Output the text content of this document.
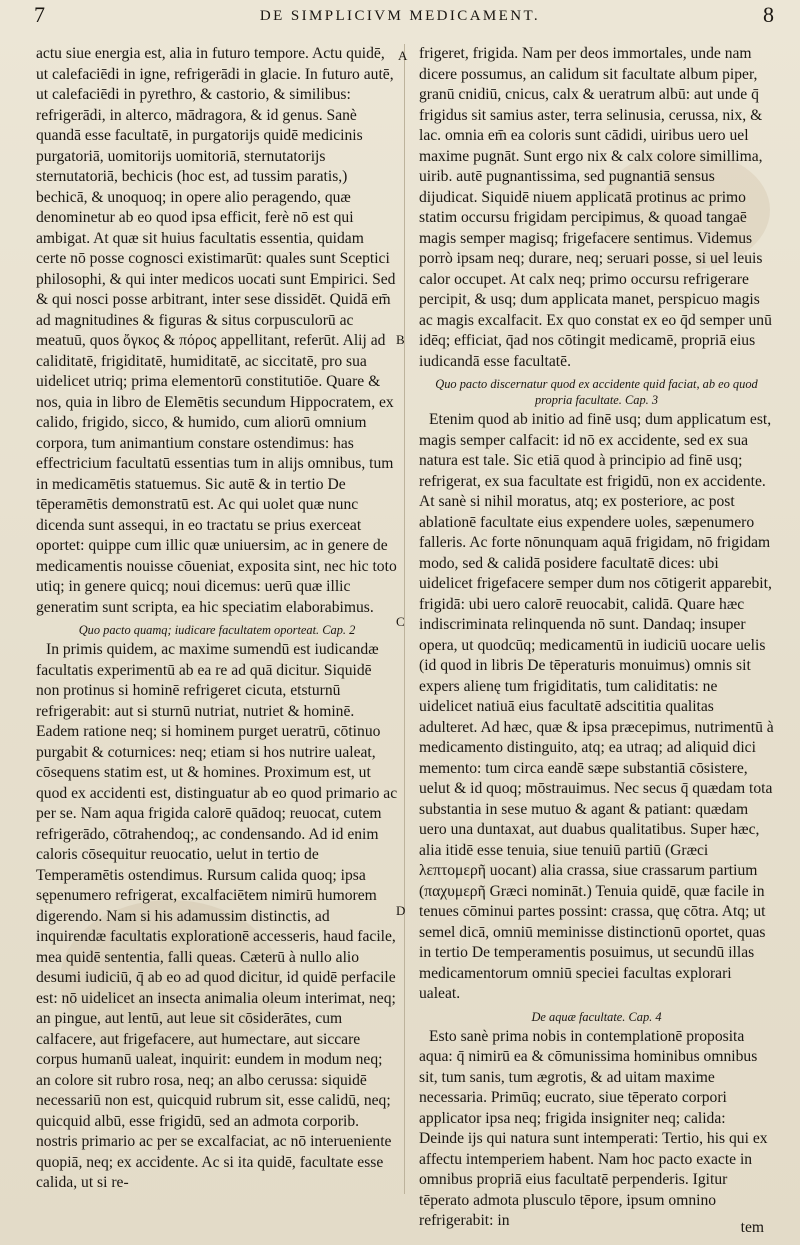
7	DE SIMPLICIVM MEDICAMENT.	8
A
B
C
D

actu siue energia est, alia in futuro tempore. Actu quidē, ut calefaciēdi in igne, refrigerādi in glacie. In futuro autē, ut calefaciēdi in pyrethro, & castorio, & similibus: refrigerādi, in alterco, mādragora, & id genus. Sanè quandā esse facultatē, in purgatorijs quidē medicinis purgatoriā, uomitorijs uomitoriā, sternutatorijs sternutatoriā, bechicis (hoc est, ad tussim paratis,) bechicā, & unoquoq; in opere alio peragendo, quæ denominetur ab eo quod ipsa efficit, ferè nō est qui ambigat. At quæ sit huius facultatis essentia, quidam certe nō posse cognosci existimarūt: quales sunt Sceptici philosophi, & qui inter medicos uocati sunt Empirici. Sed & qui nosci posse arbitrant, inter sese dissidēt. Quidā em̄ ad magnitudines & figuras & situs corpusculorū ac meatuū, quos ὄγκος & πόρος appellitant, referūt. Alij ad caliditatē, frigiditatē, humiditatē, ac siccitatē, pro sua uidelicet utriq; prima elementorū constitutiōe. Quare & nos, quia in libro de Elemētis secundum Hippocratem, ex calido, frigido, sicco, & humido, cum aliorū omnium corpora, tum animantium constare ostendimus: has effectricium facultatū essentias tum in alijs omnibus, tum in medicamētis statuemus. Sic autē & in tertio De tēperamētis demonstratū est. Ac qui uolet quæ nunc dicenda sunt assequi, in eo tractatu se prius exerceat oportet: quippe cum illic quæ uniuersim, ac in genere de medicamentis nouisse cōueniat, exposita sint, nec hic toto utiq; in genere quicq; noui dicemus: uerū quæ illic generatim sunt scripta, ea hic speciatim elaborabimus.

Quo pacto quamq; iudicare facultatem oporteat. Cap. 2

In primis quidem, ac maxime sumendū est iudicandæ facultatis experimentū ab ea re ad quā dicitur. Siquidē non protinus si hominē refrigeret cicuta, etsturnū refrigerabit: aut si sturnū nutriat, nutriet & hominē. Eadem ratione neq; si hominem purget ueratrū, cōtinuo purgabit & coturnices: neq; etiam si hos nutrire ualeat, cōsequens statim est, ut & homines. Proximum est, ut quod ex accidenti est, distinguatur ab eo quod primario ac per se. Nam aqua frigida calorē quādoq; reuocat, cutem refrigerādo, cōtrahendoq;, ac condensando. Ad id enim caloris cōsequitur reuocatio, uelut in tertio de Temperamētis ostendimus. Rursum calida quoq; ipsa sępenumero refrigerat, excalfaciētem nimirū humorem digerendo. Nam si his adamussim distinctis, ad inquirendæ facultatis explorationē accesseris, haud facile, mea quidē sententia, falli queas. Cæterū à nullo alio desumi iudiciū, q̄ ab eo ad quod dicitur, id quidē perfacile est: nō uidelicet an insecta animalia oleum interimat, neq; an pingue, aut lentū, aut leue sit cōsiderātes, cum calfacere, aut frigefacere, aut humectare, aut siccare corpus humanū ualeat, inquirit: eundem in modum neq; an colore sit rubro rosa, neq; an albo cerussa: siquidē necessariū non est, quicquid rubrum sit, esse calidū, neq; quicquid albū, esse frigidū, sed an admota corporib. nostris primario ac per se excalfaciat, ac nō interueniente quopiā, neq; ex accidente. Ac si ita quidē, facultate esse calida, ut si re-

frigeret, frigida. Nam per deos immortales, unde nam dicere possumus, an calidum sit facultate album piper, granū cnidiū, cnicus, calx & ueratrum albū: aut unde q̄ frigidus sit samius aster, terra selinusia, cerussa, nix, & lac. omnia em̄ ea coloris sunt cādidi, uiribus uero uel maxime pugnāt. Sunt ergo nix & calx colore simillima, uirib. autē pugnantissima, sed pugnantiā sensus dijudicat. Siquidē niuem applicatā protinus ac primo statim occursu frigidam percipimus, & quoad tangaē magis semper magisq; frigefacere sentimus. Videmus porrò ipsam neq; durare, neq; seruari posse, si uel leuis calor occupet. At calx neq; primo occursu refrigerare percipit, & usq; dum applicata manet, perspicuo magis ac magis excalfacit. Ex quo constat ex eo q̄d semper unū idēq; efficiat, q̄ad nos cōtingit medicamē, propriā eius iudicandā esse facultatē.

Quo pacto discernatur quod ex accidente quid faciat, ab eo quod propria facultate. Cap. 3

Etenim quod ab initio ad finē usq; dum applicatum est, magis semper calfacit: id nō ex accidente, sed ex sua natura est tale. Sic etiā quod à principio ad finē usq; refrigerat, ex sua facultate est frigidū, non ex accidente. At sanè si nihil moratus, atq; ex posteriore, ac post ablationē facultate eius expendere uoles, sæpenumero falleris. Ac forte nōnunquam aquā frigidam, nō frigidam modo, sed & calidā posidere facultatē dices: ubi uidelicet frigefacere semper dum nos cōtigerit apparebit, frigidā: ubi uero calorē reuocabit, calidā. Quare hæc indiscriminata relinquenda nō sunt. Dandaq; insuper opera, ut quodcūq; medicamentū in iudiciū uocare uelis (id quod in libris De tēperaturis monuimus) omnis sit expers alienę tum frigiditatis, tum caliditatis: ne uidelicet natiuā eius facultatē adscititia qualitas adulteret. Ad hæc, quæ & ipsa præcepimus, nutrimentū à medicamento distinguito, atq; ea utraq; ad aliquid dici memento: tum circa eandē sæpe substantiā cōsistere, uelut & id quoq; mōstrauimus. Nec secus q̄ quædam tota substantia in sese mutuo & agant & patiant: quædam uero una duntaxat, aut duabus qualitatibus. Super hæc, alia itidē esse tenuia, siue tenuiū partiū (Græci λεπτομερῆ uocant) alia crassa, siue crassarum partium (παχυμερῆ Græci nomināt.) Tenuia quidē, quæ facile in tenues cōminui partes possint: crassa, quę cōtra. Atq; ut semel dicā, omniū meminisse distinctionū oportet, quas in tertio De temperamentis posuimus, ut secundū illas medicamentorum omniū speciei facultas explorari ualeat.

De aquæ facultate. Cap. 4

Esto sanè prima nobis in contemplationē proposita aqua: q̄ nimirū ea & cōmunissima hominibus omnibus sit, tum sanis, tum ægrotis, & ad uitam maxime necessaria. Primūq; eucrato, siue tēperato corpori applicator ipsa neq; frigida insigniter neq; calida: Deinde ijs qui natura sunt intemperati: Tertio, his qui ex affectu intemperiem habent. Nam hoc pacto exacte in omnibus propriā eius facultatē perpenderis. Igitur tēperato admota plusculo tēpore, ipsum omnino refrigerabit: in	tem
